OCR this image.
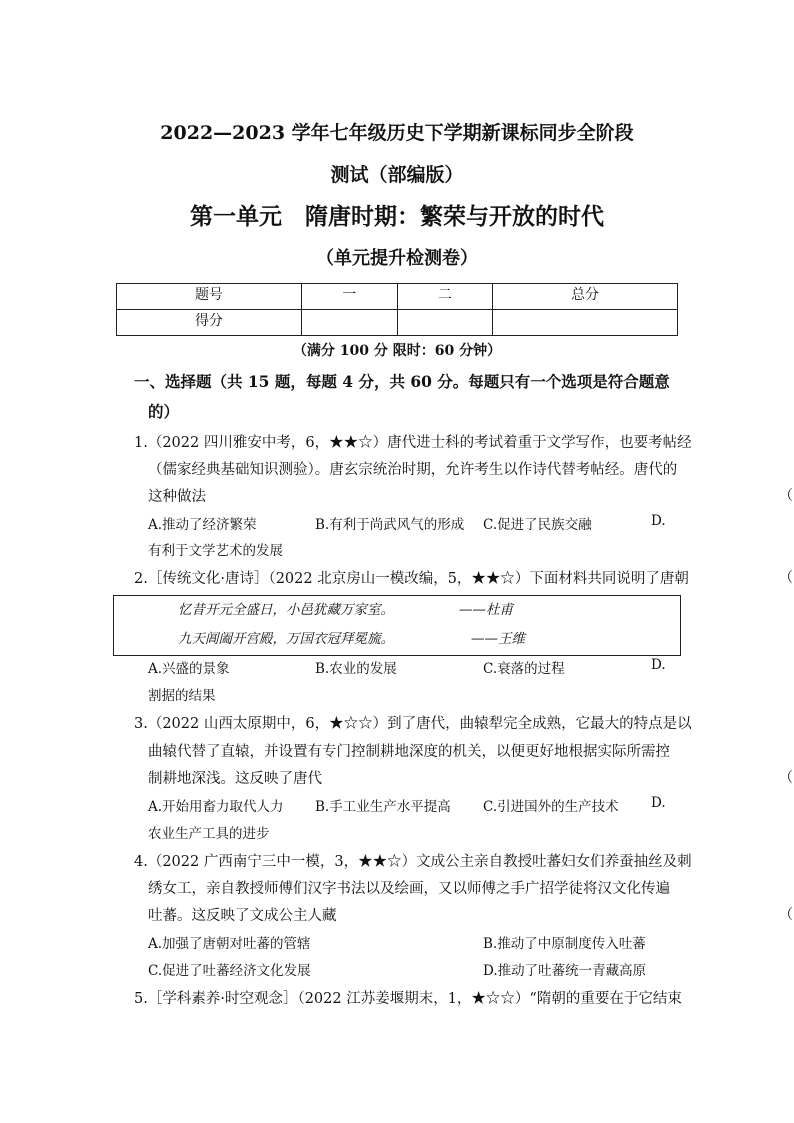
2022—2023 学年七年级历史下学期新课标同步全阶段
测试（部编版）
第一单元　隋唐时期：繁荣与开放的时代
（单元提升检测卷）
题号	一	二	总分
得分			
（满分 100 分 限时：60 分钟）
一、选择题（共 15 题，每题 4 分，共 60 分。每题只有一个选项是符合题意
的）
1.（2022 四川雅安中考，6，★★☆）唐代进士科的考试着重于文学写作，也要考帖经
（儒家经典基础知识测验）。唐玄宗统治时期，允许考生以作诗代替考帖经。唐代的
这种做法	（
A.推动了经济繁荣	B.有利于尚武风气的形成 C.促进了民族交融	D.
有利于文学艺术的发展
2.［传统文化·唐诗］（2022 北京房山一模改编，5，★★☆）下面材料共同说明了唐朝	（
忆昔开元全盛日，小邑犹藏万家室。	——杜甫
九天阊阖开宫殿，万国衣冠拜冕旒。	——王维
A.兴盛的景象	B.农业的发展	C.衰落的过程	D.
割据的结果
3.（2022 山西太原期中，6，★☆☆）到了唐代，曲辕犁完全成熟，它最大的特点是以
曲辕代替了直辕，并设置有专门控制耕地深度的机关，以便更好地根据实际所需控
制耕地深浅。这反映了唐代	（
A.开始用畜力取代人力 B.手工业生产水平提高 C.引进国外的生产技术 D.
农业生产工具的进步
4.（2022 广西南宁三中一模，3，★★☆）文成公主亲自教授吐蕃妇女们养蚕抽丝及刺
绣女工，亲自教授师傅们汉字书法以及绘画，又以师傅之手广招学徒将汉文化传遍
吐蕃。这反映了文成公主人藏	（
A.加强了唐朝对吐蕃的管辖	B.推动了中原制度传入吐蕃
C.促进了吐蕃经济文化发展	D.推动了吐蕃统一青藏高原
5.［学科素养·时空观念］（2022 江苏姜堰期末，1，★☆☆）“隋朝的重要在于它结束
